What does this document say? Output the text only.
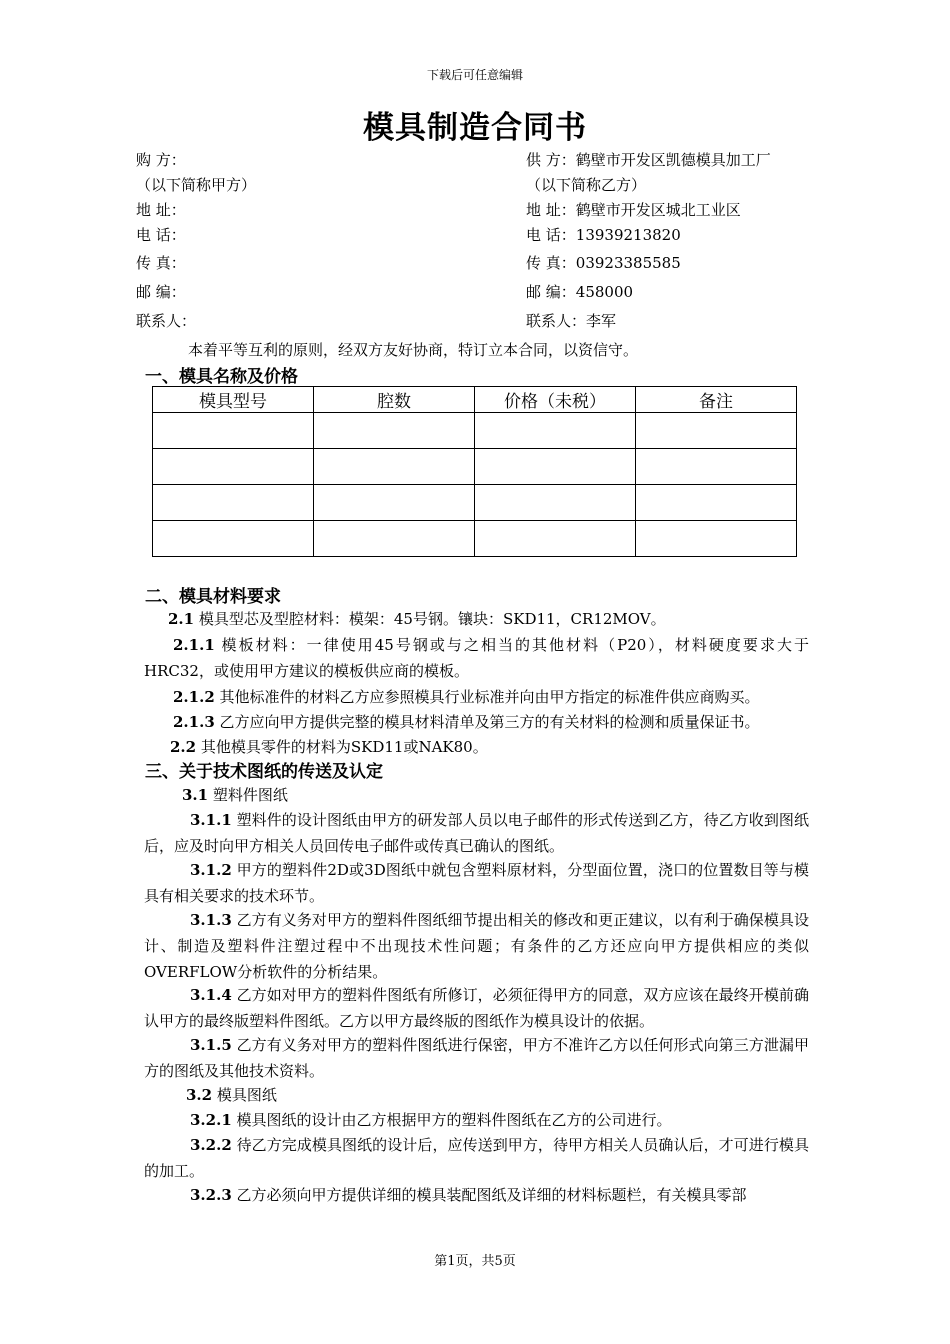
下载后可任意编辑
模具制造合同书
购 方：
（以下简称甲方）
地 址：
电 话：
传 真：
邮 编：
联系人：
供 方：鹤壁市开发区凯德模具加工厂
（以下简称乙方）
地 址：鹤壁市开发区城北工业区
电 话：13939213820
传 真：03923385585
邮 编：458000
联系人：李军
本着平等互利的原则，经双方友好协商，特订立本合同，以资信守。
一、模具名称及价格
模具型号	腔数	价格（未税）	备注

二、模具材料要求
2.1 模具型芯及型腔材料：模架：45号钢。镶块：SKD11，CR12MOV。
2.1.1 模板材料：一律使用45号钢或与之相当的其他材料（P20），材料硬度要求大于HRC32，或使用甲方建议的模板供应商的模板。
2.1.2 其他标准件的材料乙方应参照模具行业标准并向由甲方指定的标准件供应商购买。
2.1.3 乙方应向甲方提供完整的模具材料清单及第三方的有关材料的检测和质量保证书。
2.2 其他模具零件的材料为SKD11或NAK80。
三、关于技术图纸的传送及认定
3.1 塑料件图纸
3.1.1 塑料件的设计图纸由甲方的研发部人员以电子邮件的形式传送到乙方，待乙方收到图纸后，应及时向甲方相关人员回传电子邮件或传真已确认的图纸。
3.1.2 甲方的塑料件2D或3D图纸中就包含塑料原材料，分型面位置，浇口的位置数目等与模具有相关要求的技术环节。
3.1.3 乙方有义务对甲方的塑料件图纸细节提出相关的修改和更正建议，以有利于确保模具设计、制造及塑料件注塑过程中不出现技术性问题；有条件的乙方还应向甲方提供相应的类似OVERFLOW分析软件的分析结果。
3.1.4 乙方如对甲方的塑料件图纸有所修订，必须征得甲方的同意，双方应该在最终开模前确认甲方的最终版塑料件图纸。乙方以甲方最终版的图纸作为模具设计的依据。
3.1.5 乙方有义务对甲方的塑料件图纸进行保密，甲方不准许乙方以任何形式向第三方泄漏甲方的图纸及其他技术资料。
3.2 模具图纸
3.2.1 模具图纸的设计由乙方根据甲方的塑料件图纸在乙方的公司进行。
3.2.2 待乙方完成模具图纸的设计后，应传送到甲方，待甲方相关人员确认后，才可进行模具的加工。
3.2.3 乙方必须向甲方提供详细的模具装配图纸及详细的材料标题栏，有关模具零部
第1页，共5页
